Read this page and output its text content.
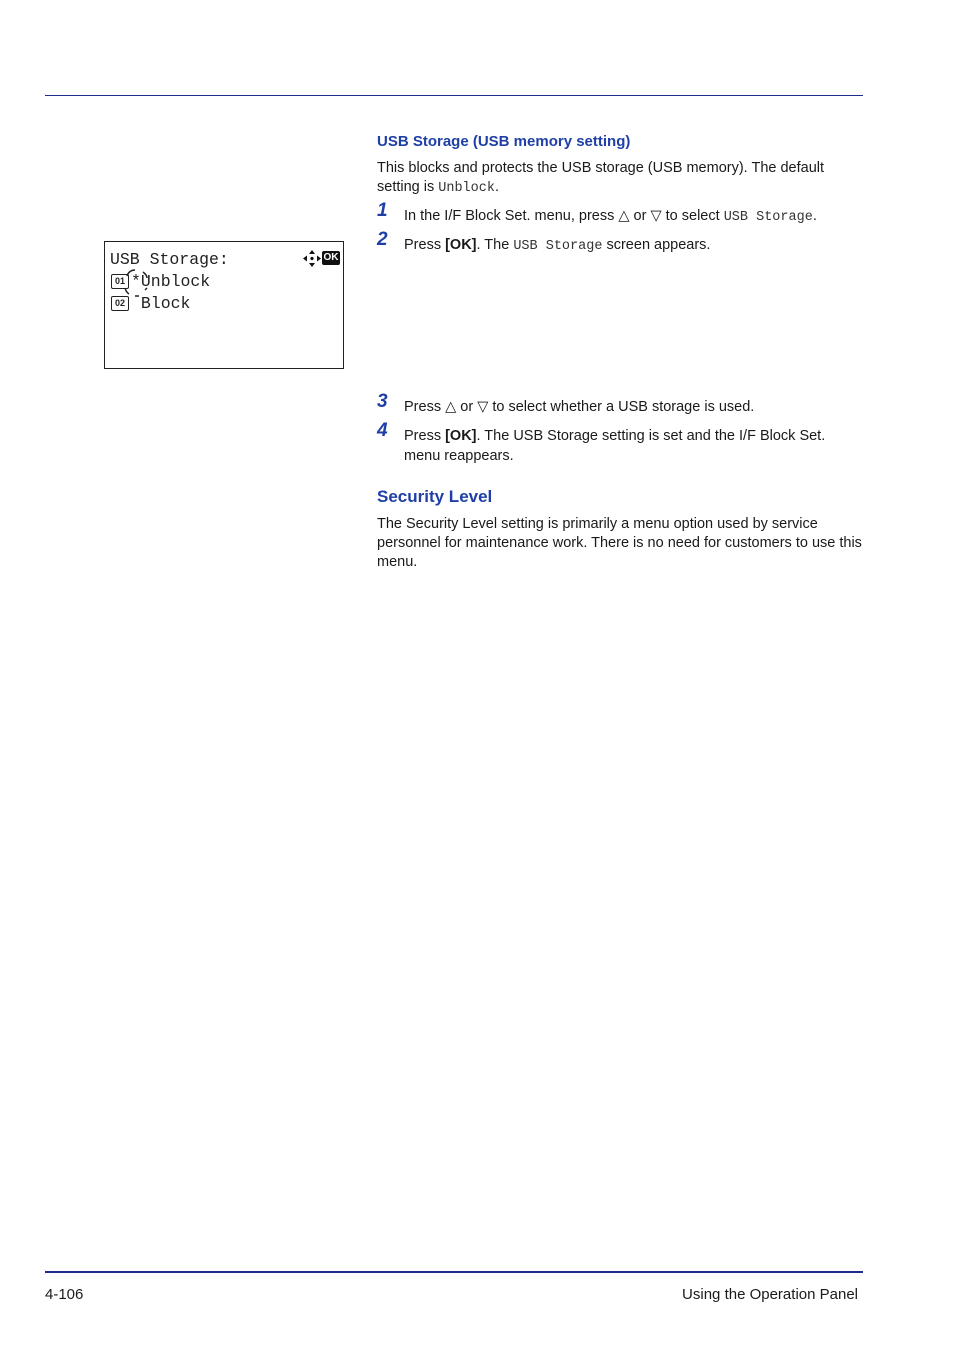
USB Storage (USB memory setting)
This blocks and protects the USB storage (USB memory). The default setting is Unblock.
1 In the I/F Block Set. menu, press △ or ▽ to select USB Storage.
2 Press [OK]. The USB Storage screen appears.
USB Storage:	OK
01 *Unblock
02 Block
3 Press △ or ▽ to select whether a USB storage is used.
4 Press [OK]. The USB Storage setting is set and the I/F Block Set. menu reappears.
Security Level
The Security Level setting is primarily a menu option used by service personnel for maintenance work. There is no need for customers to use this menu.
4-106	Using the Operation Panel
